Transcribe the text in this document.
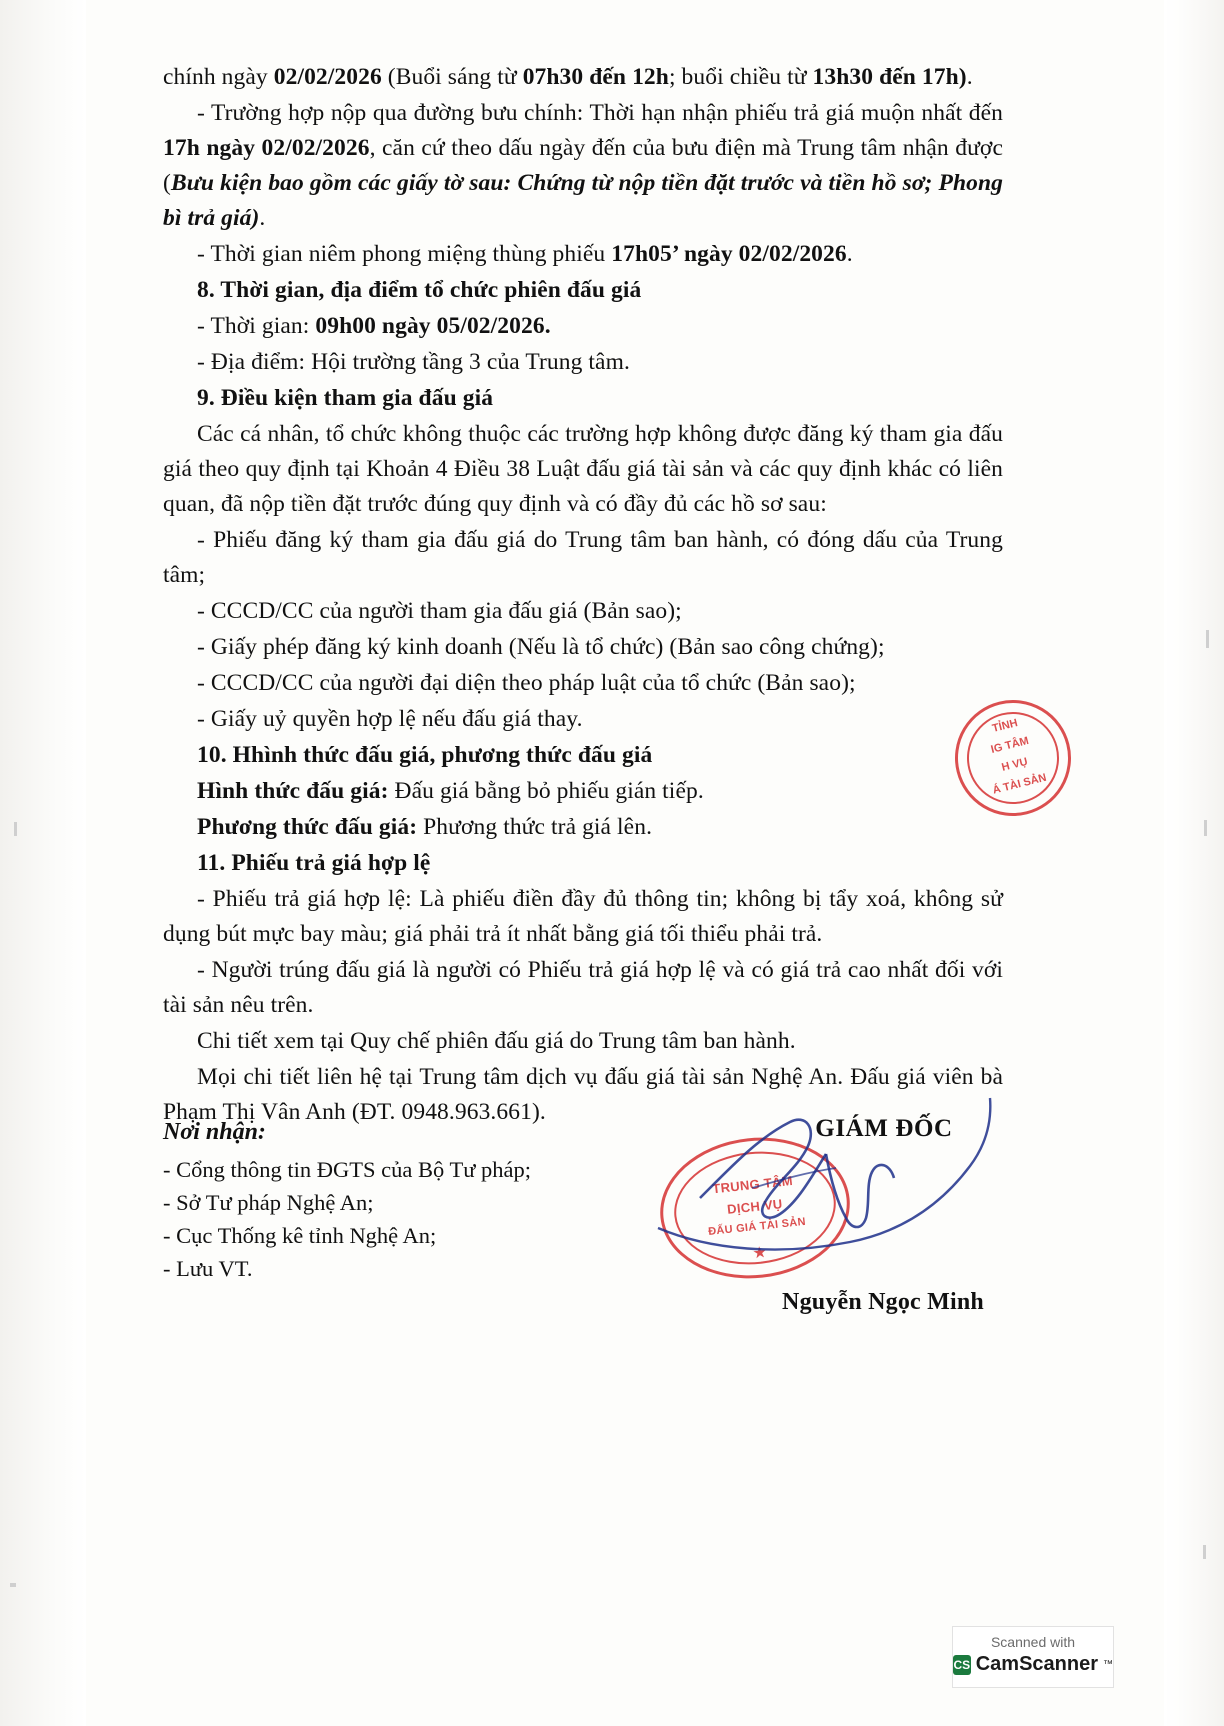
chính ngày 02/02/2026 (Buổi sáng từ 07h30 đến 12h; buổi chiều từ 13h30 đến 17h).

- Trường hợp nộp qua đường bưu chính: Thời hạn nhận phiếu trả giá muộn nhất đến 17h ngày 02/02/2026, căn cứ theo dấu ngày đến của bưu điện mà Trung tâm nhận được (Bưu kiện bao gồm các giấy tờ sau: Chứng từ nộp tiền đặt trước và tiền hồ sơ; Phong bì trả giá).

- Thời gian niêm phong miệng thùng phiếu 17h05’ ngày 02/02/2026.

8. Thời gian, địa điểm tổ chức phiên đấu giá

- Thời gian: 09h00 ngày 05/02/2026.

- Địa điểm: Hội trường tầng 3 của Trung tâm.

9. Điều kiện tham gia đấu giá

Các cá nhân, tổ chức không thuộc các trường hợp không được đăng ký tham gia đấu giá theo quy định tại Khoản 4 Điều 38 Luật đấu giá tài sản và các quy định khác có liên quan, đã nộp tiền đặt trước đúng quy định và có đầy đủ các hồ sơ sau:

- Phiếu đăng ký tham gia đấu giá do Trung tâm ban hành, có đóng dấu của Trung tâm;

- CCCD/CC của người tham gia đấu giá (Bản sao);

- Giấy phép đăng ký kinh doanh (Nếu là tổ chức) (Bản sao công chứng);

- CCCD/CC của người đại diện theo pháp luật của tổ chức (Bản sao);

- Giấy uỷ quyền hợp lệ nếu đấu giá thay.

10. Hhình thức đấu giá, phương thức đấu giá

Hình thức đấu giá: Đấu giá bằng bỏ phiếu gián tiếp.

Phương thức đấu giá: Phương thức trả giá lên.

11. Phiếu trả giá hợp lệ

- Phiếu trả giá hợp lệ: Là phiếu điền đầy đủ thông tin; không bị tẩy xoá, không sử dụng bút mực bay màu; giá phải trả ít nhất bằng giá tối thiểu phải trả.

- Người trúng đấu giá là người có Phiếu trả giá hợp lệ và có giá trả cao nhất đối với tài sản nêu trên.

Chi tiết xem tại Quy chế phiên đấu giá do Trung tâm ban hành.

Mọi chi tiết liên hệ tại Trung tâm dịch vụ đấu giá tài sản Nghệ An. Đấu giá viên bà Phạm Thị Vân Anh (ĐT. 0948.963.661).

Nơi nhận:
- Cổng thông tin ĐGTS của Bộ Tư pháp;
- Sở Tư pháp Nghệ An;
- Cục Thống kê tỉnh Nghệ An;
- Lưu VT.
GIÁM ĐỐC
Nguyễn Ngọc Minh
TỈNH
IG TÂM
H VỤ
Á TÀI SẢN
TRUNG TÂM
DỊCH VỤ
ĐẤU GIÁ TÀI SẢN
★
Scanned with
CS CamScanner ™
